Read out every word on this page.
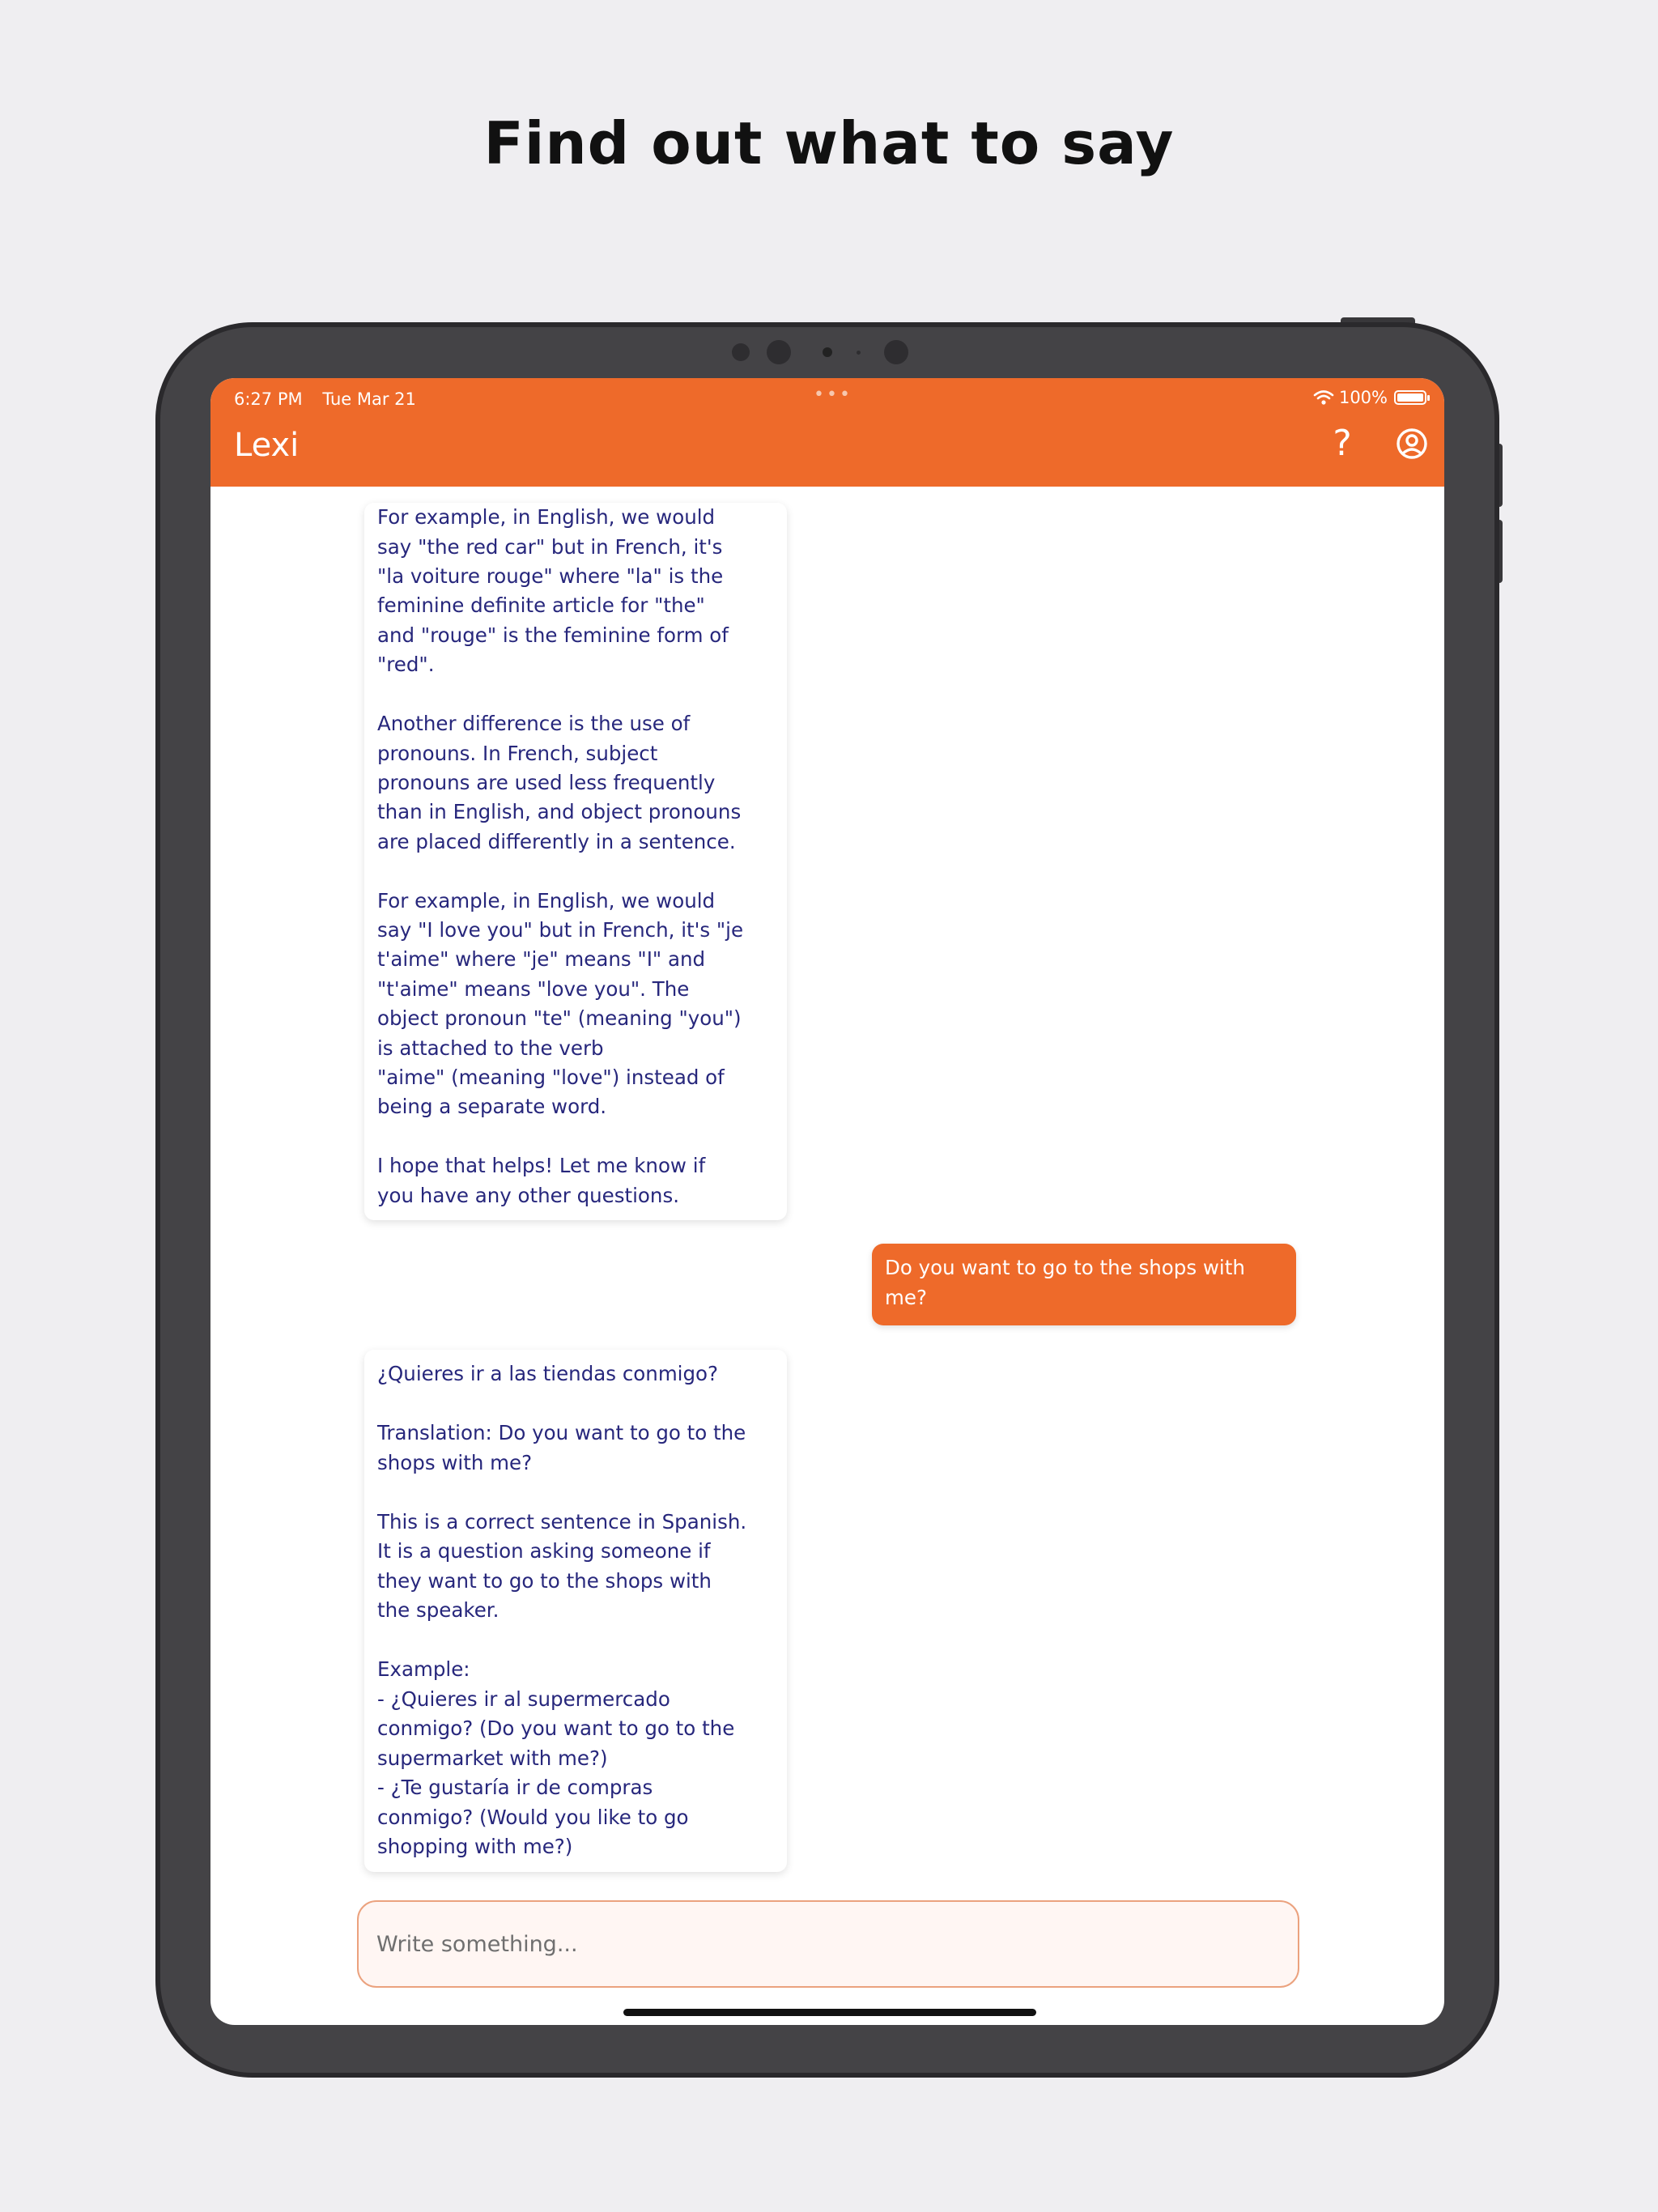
Find out what to say
6:27 PM Tue Mar 21	•••	100%
Lexi	?
For example, in English, we would
say "the red car" but in French, it's
"la voiture rouge" where "la" is the
feminine definite article for "the"
and "rouge" is the feminine form of
"red".

Another difference is the use of
pronouns. In French, subject
pronouns are used less frequently
than in English, and object pronouns
are placed differently in a sentence.

For example, in English, we would
say "I love you" but in French, it's "je
t'aime" where "je" means "I" and
"t'aime" means "love you". The
object pronoun "te" (meaning "you")
is attached to the verb
"aime" (meaning "love") instead of
being a separate word.

I hope that helps! Let me know if
you have any other questions.
Do you want to go to the shops with
me?
¿Quieres ir a las tiendas conmigo?

Translation: Do you want to go to the
shops with me?

This is a correct sentence in Spanish.
It is a question asking someone if
they want to go to the shops with
the speaker.

Example:
- ¿Quieres ir al supermercado
conmigo? (Do you want to go to the
supermarket with me?)
- ¿Te gustaría ir de compras
conmigo? (Would you like to go
shopping with me?)
Write something...
